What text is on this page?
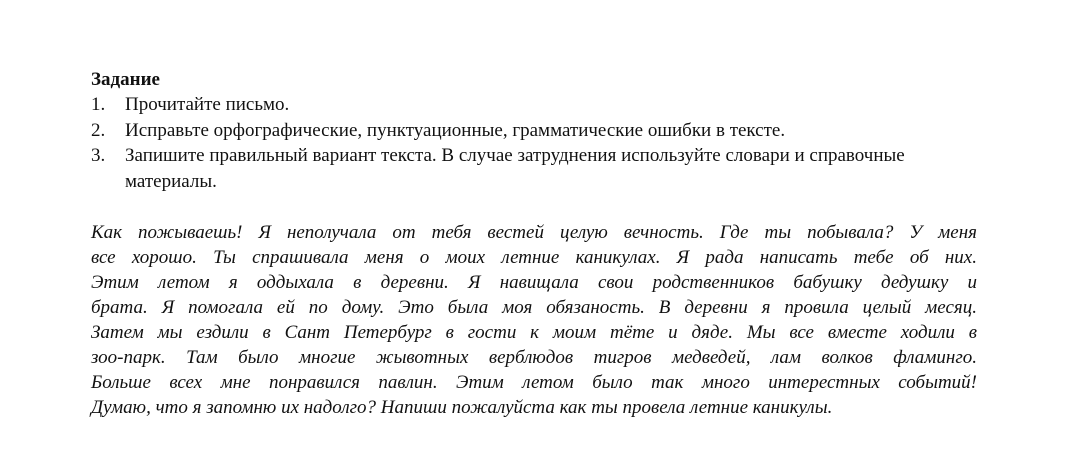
Задание

1. Прочитайте письмо.
2. Исправьте орфографические, пунктуационные, грамматические ошибки в тексте.
3. Запишите правильный вариант текста. В случае затруднения используйте словари и справочные материалы.
Как пожываешь! Я неполучала от тебя вестей целую вечность. Где ты побывала? У меня
все хорошо. Ты спрашивала меня о моих летние каникулах. Я рада написать тебе об них.
Этим летом я оддыхала в деревни. Я навищала свои родственников бабушку дедушку и
брата. Я помогала ей по дому. Это была моя обязаность. В деревни я провила целый месяц.
Затем мы ездили в Сант Петербург в гости к моим тёте и дяде. Мы все вместе ходили в
зоо-парк. Там было многие жывотных верблюдов тигров медведей, лам волков фламинго.
Больше всех мне понравился павлин. Этим летом было так много интерестных событий!
Думаю, что я запомню их надолго? Напиши пожалуйста как ты провела летние каникулы.
